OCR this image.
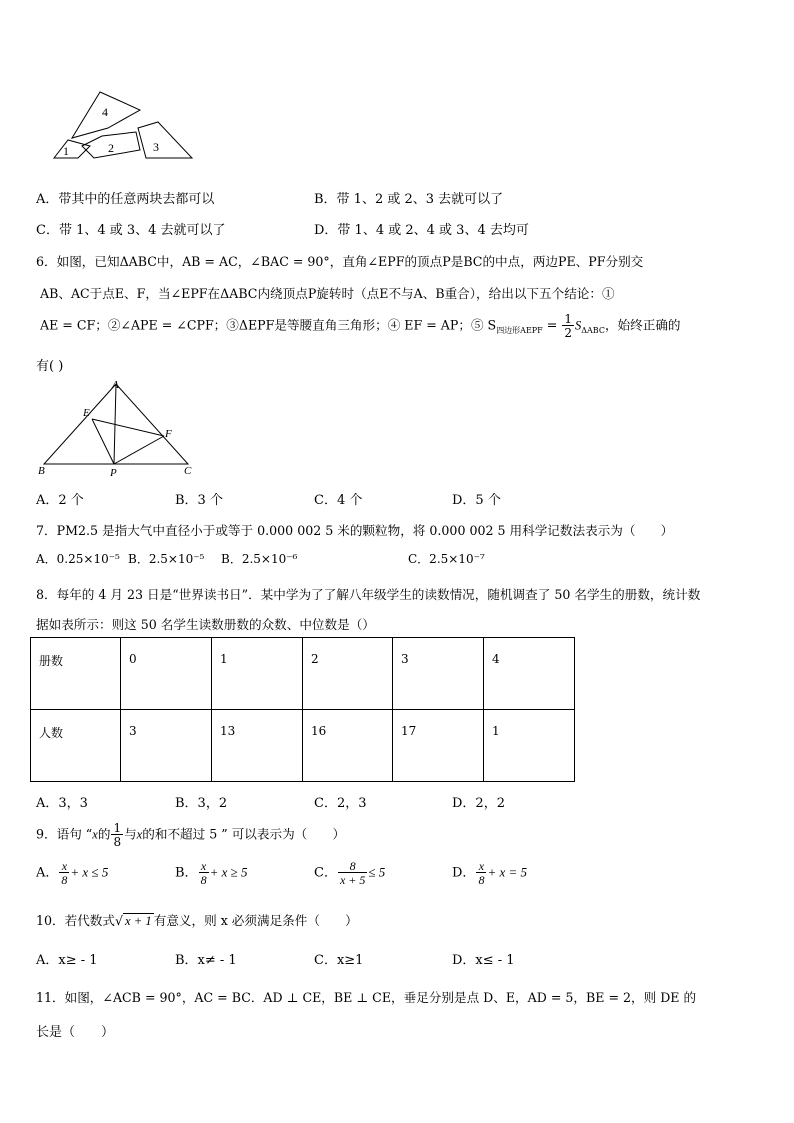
4
1	2	3
A．带其中的任意两块去都可以	B．带 1、2 或 2、3 去就可以了
C．带 1、4 或 3、4 去就可以了	D．带 1、4 或 2、4 或 3、4 去均可
6．如图，已知ΔABC中，AB = AC，∠BAC = 90°，直角∠EPF的顶点P是BC的中点，两边PE、PF分别交
AB、AC于点E、F，当∠EPF在ΔABC内绕顶点P旋转时（点E不与A、B重合），给出以下五个结论：①
AE = CF；②∠APE = ∠CPF；③ΔEPF是等腰直角三角形；④ EF = AP；⑤ $S_{四边形AEPF} = \frac{1}{2} S_{\Delta ABC}$，始终正确的
有( )
A
E
F
B	P	C
A．2 个	B．3 个	C．4 个	D．5 个
7．PM2.5 是指大气中直径小于或等于 0.000 002 5 米的颗粒物，将 0.000 002 5 用科学记数法表示为（　　）
A．0.25×10⁻⁵ B．2.5×10⁻⁵ B．2.5×10⁻⁶	C．2.5×10⁻⁷
8．每年的 4 月 23 日是“世界读书日”．某中学为了了解八年级学生的读数情况，随机调查了 50 名学生的册数，统计数
据如表所示：则这 50 名学生读数册数的众数、中位数是（）
册数	0	1	2	3	4
人数	3	13	16	17	1
A．3，3	B．3，2	C．2，3	D．2，2
9．语句 “x的 $\frac{1}{8}$ 与x的和不超过 5 ” 可以表示为（　　）
A． $\frac{x}{8} + x \le 5$	B． $\frac{x}{8} + x \ge 5$	C． $\frac{8}{x + 5} \le 5$	D． $\frac{x}{8} + x = 5$
10．若代数式√ x + 1 有意义，则 x 必须满足条件（　　）
A．x≥ - 1	B．x≠ - 1	C．x≥1	D．x≤ - 1
11．如图，∠ACB = 90°，AC = BC．AD ⊥ CE，BE ⊥ CE，垂足分别是点 D、E，AD = 5，BE = 2，则 DE 的
长是（　　）
